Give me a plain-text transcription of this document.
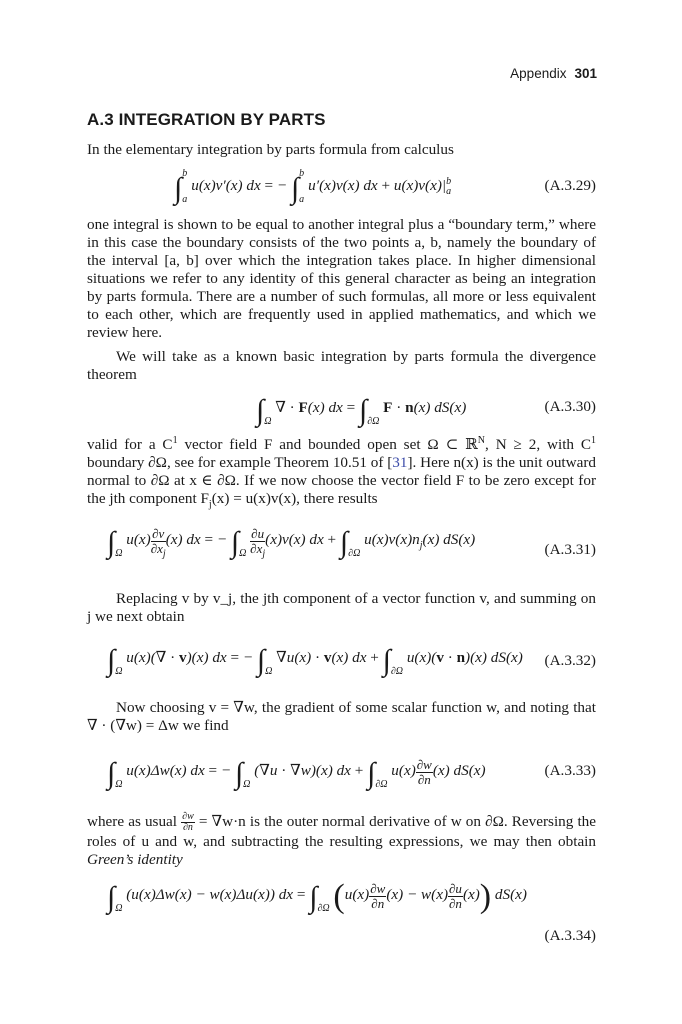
Appendix 301
A.3 INTEGRATION BY PARTS

In the elementary integration by parts formula from calculus

$\int_a^bu(x)v'(x)$ dx = − $\int_a^bu'(x)v(x)$ dx + $u(x)v(x)|_a^b$	(A.3.29)

one integral is shown to be equal to another integral plus a “boundary term,” where in this case the boundary consists of the two points a, b, namely the boundary of the interval [a, b] over which the integration takes place. In higher dimensional situations we refer to any identity of this general character as being an integration by parts formula. There are a number of such formulas, all more or less equivalent to each other, which are frequently used in applied mathematics, and which we review here.

We will take as a known basic integration by parts formula the divergence theorem

$\int_\Omega$ ∇ · F(x) dx = $\int_{\partial\Omega}$ F · n(x) dS(x)	(A.3.30)

valid for a $C^1$ vector field F and bounded open set Ω ⊂ ℝ$^N$, N ≥ 2, with $C^1$ boundary ∂Ω, see for example Theorem 10.51 of [31]. Here n(x) is the unit outward normal to ∂Ω at x ∈ ∂Ω. If we now choose the vector field F to be zero except for the jth component $F_j(x) = u(x)v(x)$, there results

$\int_\Omega$ $u(x) \frac{\partial v}{\partial x_j} (x)$ dx = − $\int_\Omega \frac{\partial u}{\partial x_j} (x)v(x)$ dx + $\int_{\partial\Omega}$ $u(x)v(x)n_j(x)$ dS(x)
(A.3.31)

Replacing v by v_j, the jth component of a vector function v, and summing on j we next obtain

$\int_\Omega$ u(x)(∇ · v)(x) dx = − $\int_\Omega$ ∇u(x) · v(x) dx + $\int_{\partial\Omega}$ u(x)(v · n)(x) dS(x) (A.3.32)

Now choosing v = ∇w, the gradient of some scalar function w, and noting that ∇ · (∇w) = Δw we find

$\int_\Omega$ u(x)Δw(x) dx = − $\int_\Omega$ (∇u · ∇w)(x) dx + $\int_{\partial\Omega}$ $u(x) \frac{\partial w}{\partial n} (x)$ dS(x)	(A.3.33)

where as usual $\frac{\partial w}{\partial n} = \nabla w\cdot n$ is the outer normal derivative of w on ∂Ω. Reversing the roles of u and w, and subtracting the resulting expressions, we may then obtain Green’s identity

$\int_\Omega$ (u(x)Δw(x) − w(x)Δu(x)) dx = $\int_{\partial\Omega}$ $(u(x) \frac{\partial w}{\partial n} (x) - w(x) \frac{\partial u}{\partial n} (x))$ dS(x)
(A.3.34)
